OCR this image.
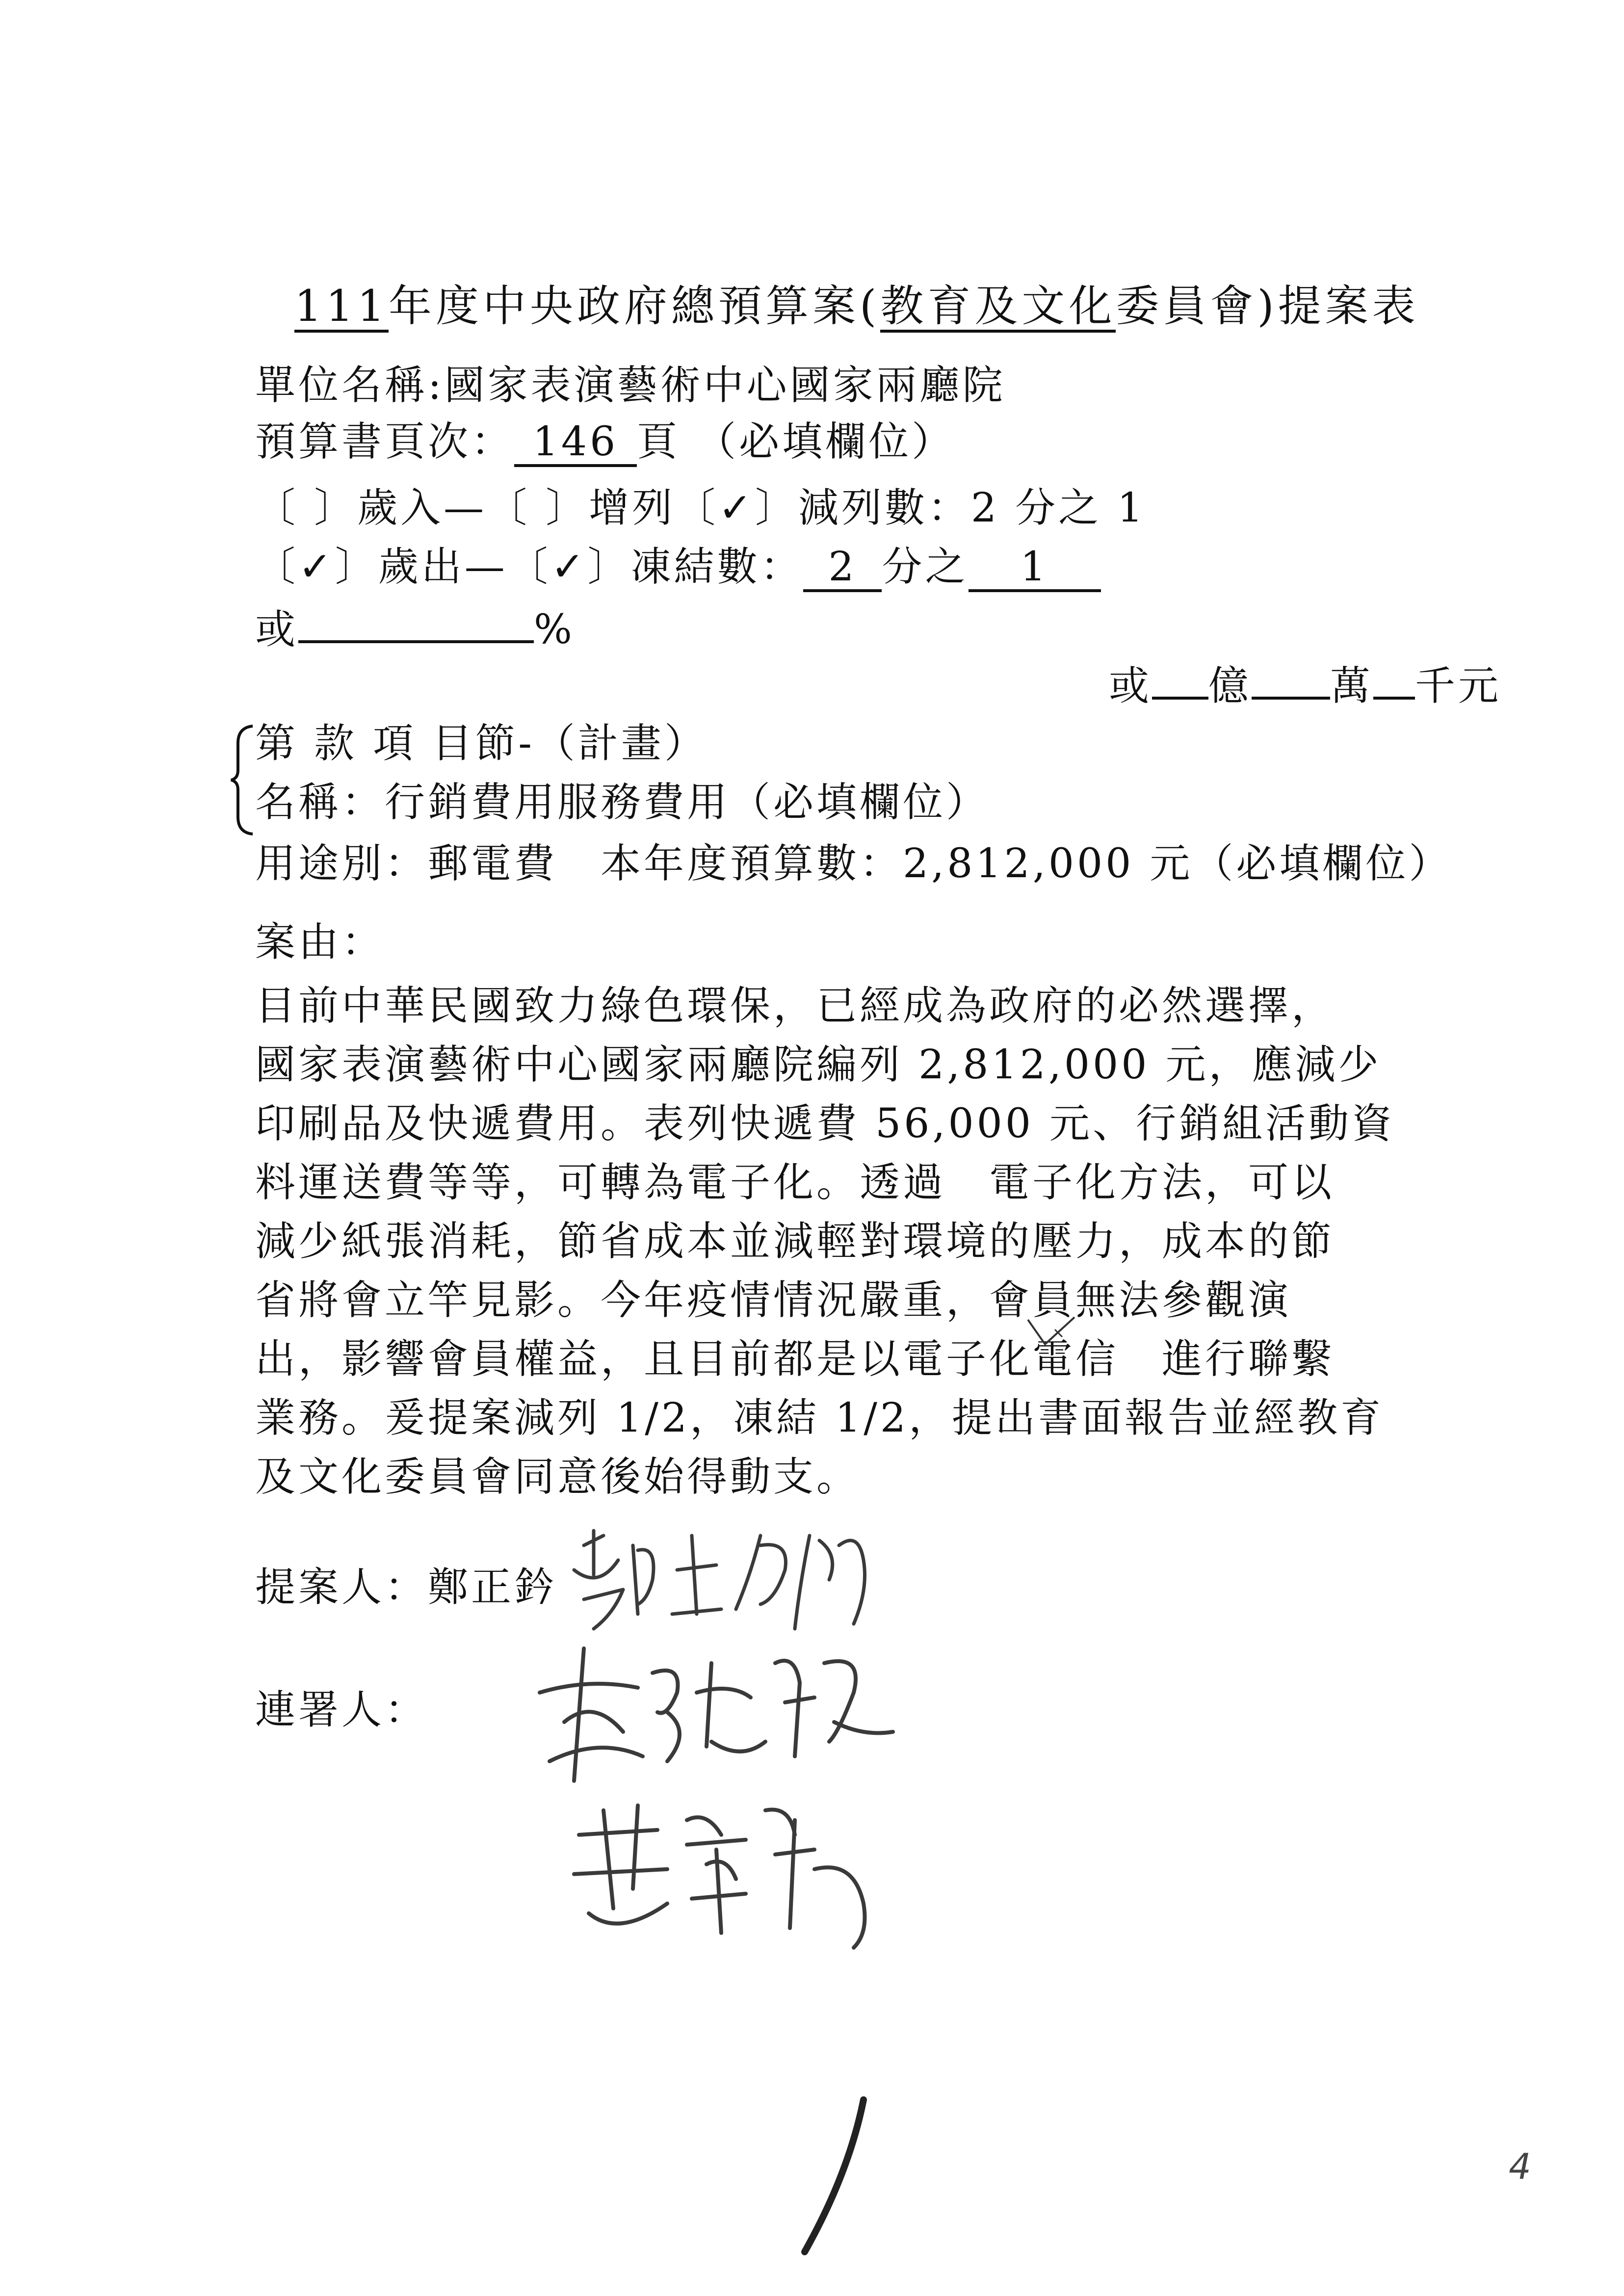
111年度中央政府總預算案(教育及文化委員會)提案表
單位名稱:國家表演藝術中心國家兩廳院
預算書頁次： 146 頁 （必填欄位）
〔 〕歲入—〔 〕增列〔✓〕減列數：2 分之 1
〔✓〕歲出—〔✓〕凍結數： 2 分之 1
或	%
或 億 萬 千元
第 款 項 目節-（計畫）
名稱：行銷費用服務費用（必填欄位）
用途別：郵電費　本年度預算數：2,812,000 元（必填欄位）
案由：
目前中華民國致力綠色環保，已經成為政府的必然選擇，
國家表演藝術中心國家兩廳院編列 2,812,000 元，應減少
印刷品及快遞費用。表列快遞費 56,000 元、行銷組活動資
料運送費等等，可轉為電子化。透過　電子化方法，可以
減少紙張消耗，節省成本並減輕對環境的壓力，成本的節
省將會立竿見影。今年疫情情況嚴重，會員無法參觀演
出，影響會員權益，且目前都是以電子化電信　進行聯繫
業務。爰提案減列 1/2，凍結 1/2，提出書面報告並經教育
及文化委員會同意後始得動支。
提案人：鄭正鈐
連署人：
4
